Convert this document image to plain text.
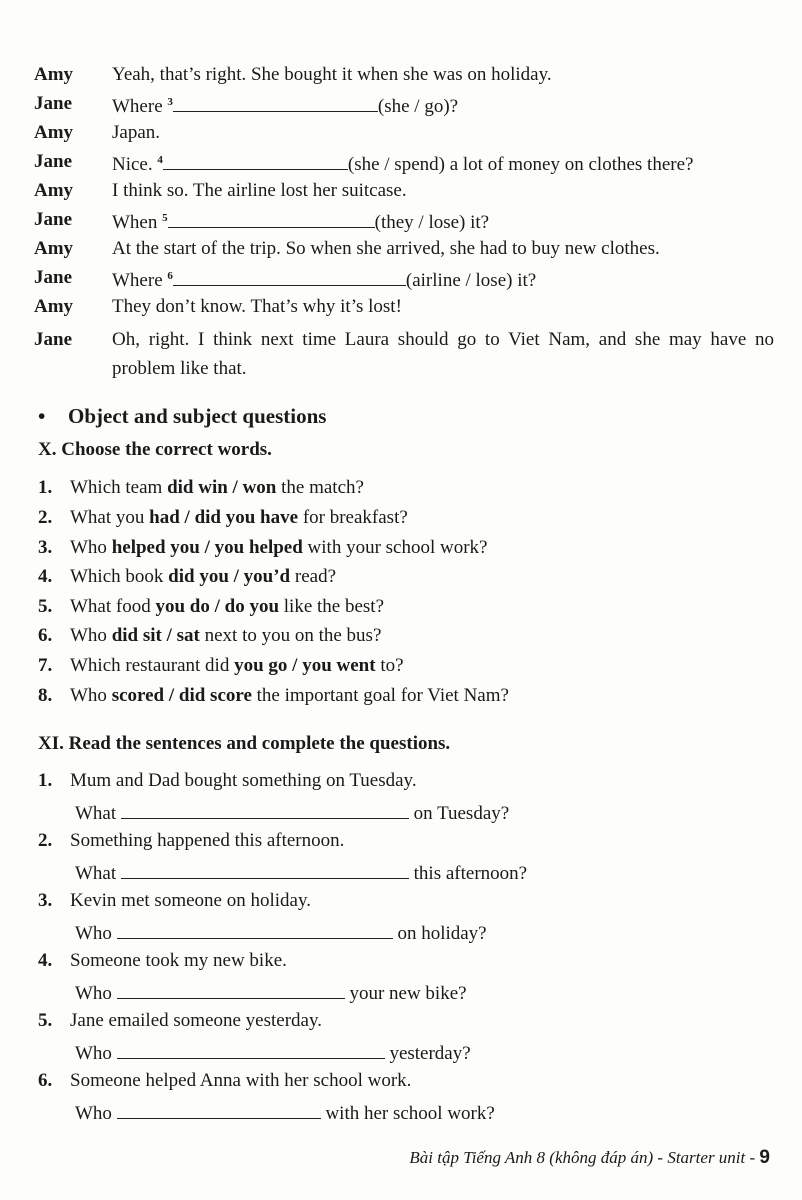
Amy	Yeah, that’s right. She bought it when she was on holiday.
Jane	Where $^3$	(she / go)?
Amy	Japan.
Jane	Nice. $^4$	(she / spend) a lot of money on clothes there?
Amy	I think so. The airline lost her suitcase.
Jane	When $^5$	(they / lose) it?
Amy	At the start of the trip. So when she arrived, she had to buy new clothes.
Jane	Where $^6$	(airline / lose) it?
Amy	They don’t know. That’s why it’s lost!
Jane	Oh, right. I think next time Laura should go to Viet Nam, and she may have no problem like that.
• Object and subject questions
X. Choose the correct words.
1. Which team did win / won the match?
2. What you had / did you have for breakfast?
3. Who helped you / you helped with your school work?
4. Which book did you / you’d read?
5. What food you do / do you like the best?
6. Who did sit / sat next to you on the bus?
7. Which restaurant did you go / you went to?
8. Who scored / did score the important goal for Viet Nam?
XI. Read the sentences and complete the questions.
1. Mum and Dad bought something on Tuesday.
What	on Tuesday?
2. Something happened this afternoon.
What	this afternoon?
3. Kevin met someone on holiday.
Who	on holiday?
4. Someone took my new bike.
Who	your new bike?
5. Jane emailed someone yesterday.
Who	yesterday?
6. Someone helped Anna with her school work.
Who	with her school work?
Bài tập Tiếng Anh 8 (không đáp án) - Starter unit - 9
